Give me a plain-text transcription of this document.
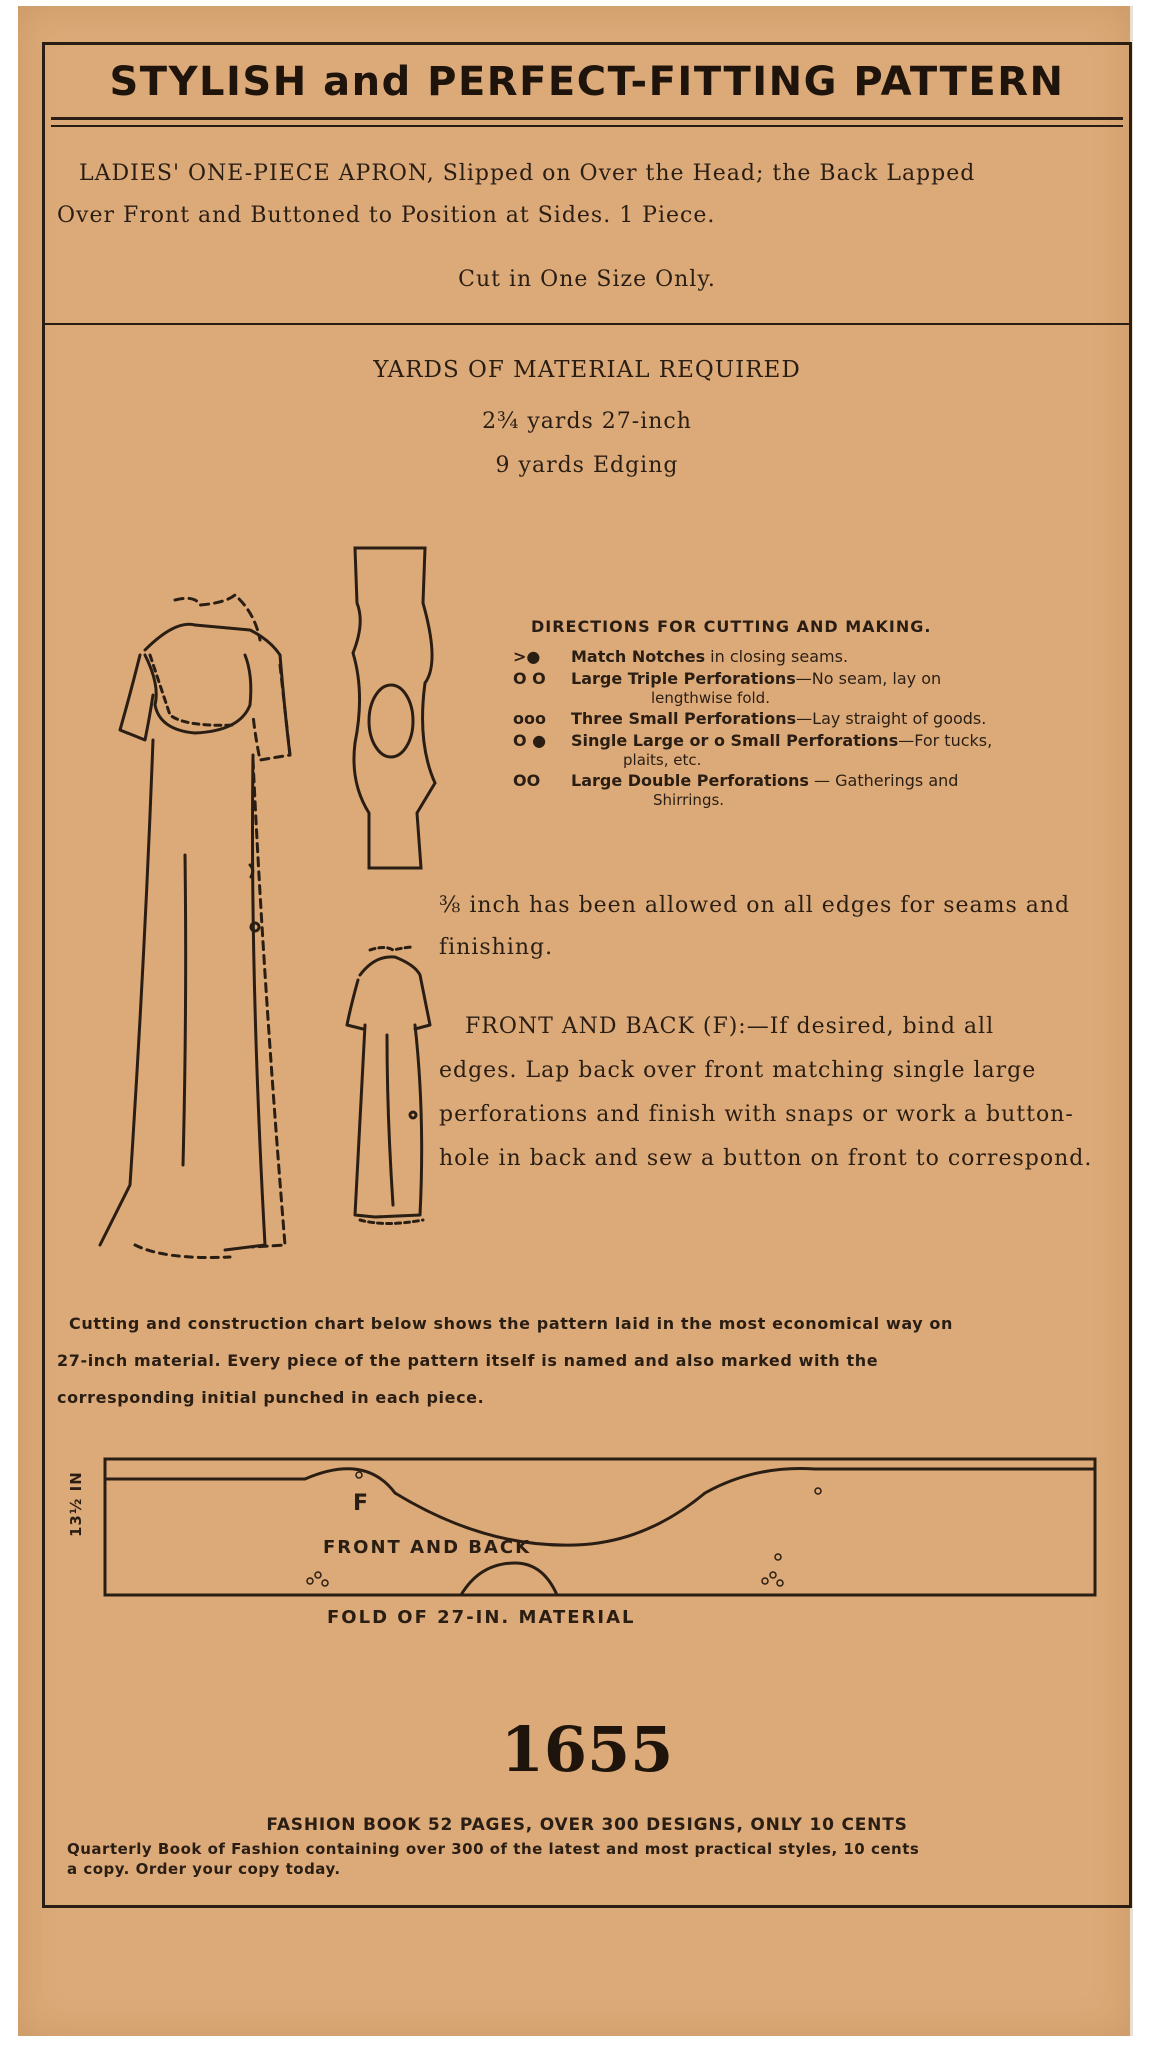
STYLISH and PERFECT-FITTING PATTERN
LADIES' ONE-PIECE APRON, Slipped on Over the Head; the Back Lapped
Over Front and Buttoned to Position at Sides. 1 Piece.
Cut in One Size Only.
YARDS OF MATERIAL REQUIRED
2¾ yards 27-inch
9 yards Edging
DIRECTIONS FOR CUTTING AND MAKING.
>●	Match Notches in closing seams.
O O	Large Triple Perforations—No seam, lay on
lengthwise fold.
ooo	Three Small Perforations—Lay straight of goods.
O ●	Single Large or o Small Perforations—For tucks,
plaits, etc.
OO	Large Double Perforations — Gatherings and
Shirrings.
⅜ inch has been allowed on all edges for seams and
finishing.
FRONT AND BACK (F):—If desired, bind all
edges. Lap back over front matching single large
perforations and finish with snaps or work a button-
hole in back and sew a button on front to correspond.
Cutting and construction chart below shows the pattern laid in the most economical way on
27-inch material. Every piece of the pattern itself is named and also marked with the
corresponding initial punched in each piece.
13½ IN	F
FRONT AND BACK
FOLD OF 27-IN. MATERIAL
1655
FASHION BOOK 52 PAGES, OVER 300 DESIGNS, ONLY 10 CENTS
Quarterly Book of Fashion containing over 300 of the latest and most practical styles, 10 cents
a copy. Order your copy today.
